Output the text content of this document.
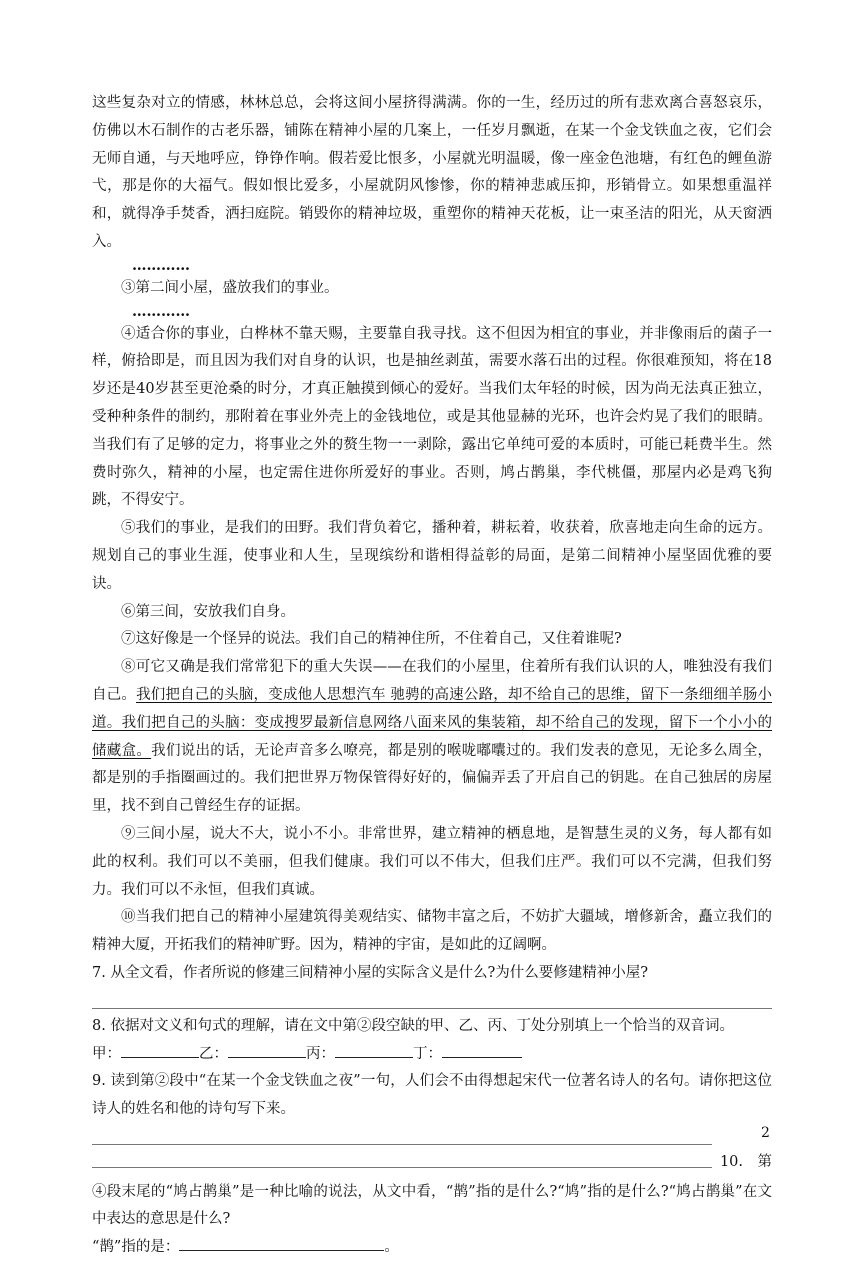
这些复杂对立的情感，林林总总，会将这间小屋挤得满满。你的一生，经历过的所有悲欢离合喜怒哀乐，仿佛以木石制作的古老乐器，铺陈在精神小屋的几案上，一任岁月飘逝，在某一个金戈铁血之夜，它们会无师自通，与天地呼应，铮铮作响。假若爱比恨多，小屋就光明温暖，像一座金色池塘，有红色的鲤鱼游弋，那是你的大福气。假如恨比爱多，小屋就阴风惨惨，你的精神悲戚压抑，形销骨立。如果想重温祥和，就得净手焚香，洒扫庭院。销毁你的精神垃圾，重塑你的精神天花板，让一束圣洁的阳光，从天窗洒入。

…………

③第二间小屋，盛放我们的事业。

…………

④适合你的事业，白桦林不靠天赐，主要靠自我寻找。这不但因为相宜的事业，并非像雨后的菌子一样，俯拾即是，而且因为我们对自身的认识，也是抽丝剥茧，需要水落石出的过程。你很难预知，将在18岁还是40岁甚至更沧桑的时分，才真正触摸到倾心的爱好。当我们太年轻的时候，因为尚无法真正独立，受种种条件的制约，那附着在事业外壳上的金钱地位，或是其他显赫的光环，也许会灼晃了我们的眼睛。当我们有了足够的定力，将事业之外的赘生物一一剥除，露出它单纯可爱的本质时，可能已耗费半生。然费时弥久，精神的小屋，也定需住进你所爱好的事业。否则，鸠占鹊巢，李代桃僵，那屋内必是鸡飞狗跳，不得安宁。

⑤我们的事业，是我们的田野。我们背负着它，播种着，耕耘着，收获着，欣喜地走向生命的远方。规划自己的事业生涯，使事业和人生，呈现缤纷和谐相得益彰的局面，是第二间精神小屋坚固优雅的要诀。

⑥第三间，安放我们自身。

⑦这好像是一个怪异的说法。我们自己的精神住所，不住着自己，又住着谁呢?

⑧可它又确是我们常常犯下的重大失误——在我们的小屋里，住着所有我们认识的人，唯独没有我们自己。我们把自己的头脑，变成他人思想汽车 驰骋的高速公路，却不给自己的思维，留下一条细细羊肠小道。我们把自己的头脑：变成搜罗最新信息网络八面来风的集装箱，却不给自己的发现，留下一个小小的储藏盒。我们说出的话，无论声音多么嘹亮，都是别的喉咙嘟囔过的。我们发表的意见，无论多么周全，都是别的手指圈画过的。我们把世界万物保管得好好的，偏偏弄丢了开启自己的钥匙。在自己独居的房屋里，找不到自己曾经生存的证据。

⑨三间小屋，说大不大，说小不小。非常世界，建立精神的栖息地，是智慧生灵的义务，每人都有如此的权利。我们可以不美丽，但我们健康。我们可以不伟大，但我们庄严。我们可以不完满，但我们努力。我们可以不永恒，但我们真诚。

⑩当我们把自己的精神小屋建筑得美观结实、储物丰富之后，不妨扩大疆域，增修新舍，矗立我们的精神大厦，开拓我们的精神旷野。因为，精神的宇宙，是如此的辽阔啊。

7. 从全文看，作者所说的修建三间精神小屋的实际含义是什么?为什么要修建精神小屋?

8. 依据对文义和句式的理解，请在文中第②段空缺的甲、乙、丙、丁处分别填上一个恰当的双音词。

甲：	乙：	丙：	丁：

9. 读到第②段中“在某一个金戈铁血之夜”一句，人们会不由得想起宋代一位著名诗人的名句。请你把这位诗人的姓名和他的诗句写下来。

10.　第

④段末尾的“鸠占鹊巢”是一种比喻的说法，从文中看，“鹊”指的是什么?“鸠”指的是什么?“鸠占鹊巢”在文中表达的意思是什么?

“鹊”指的是：	。

2
